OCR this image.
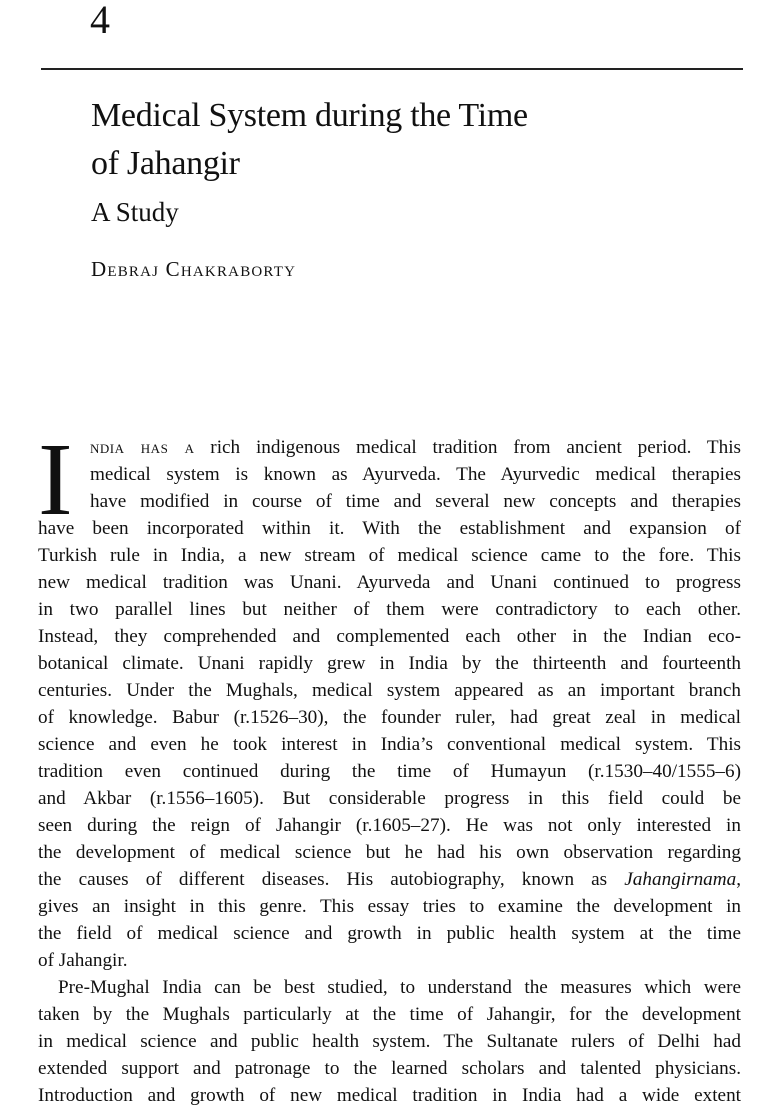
4
Medical System during the Time
of Jahangir
A Study
Debraj Chakraborty
I ndia has a rich indigenous medical tradition from ancient period. This
medical system is known as Ayurveda. The Ayurvedic medical therapies
have modified in course of time and several new concepts and therapies
have been incorporated within it. With the establishment and expansion of
Turkish rule in India, a new stream of medical science came to the fore. This
new medical tradition was Unani. Ayurveda and Unani continued to progress
in two parallel lines but neither of them were contradictory to each other.
Instead, they comprehended and complemented each other in the Indian eco-
botanical climate. Unani rapidly grew in India by the thirteenth and fourteenth
centuries. Under the Mughals, medical system appeared as an important branch
of knowledge. Babur (r.1526–30), the founder ruler, had great zeal in medical
science and even he took interest in India’s conventional medical system. This
tradition even continued during the time of Humayun (r.1530–40/1555–6)
and Akbar (r.1556–1605). But considerable progress in this field could be
seen during the reign of Jahangir (r.1605–27). He was not only interested in
the development of medical science but he had his own observation regarding
the causes of different diseases. His autobiography, known as Jahangirnama,
gives an insight in this genre. This essay tries to examine the development in
the field of medical science and growth in public health system at the time
of Jahangir.
Pre-Mughal India can be best studied, to understand the measures which were
taken by the Mughals particularly at the time of Jahangir, for the development
in medical science and public health system. The Sultanate rulers of Delhi had
extended support and patronage to the learned scholars and talented physicians.
Introduction and growth of new medical tradition in India had a wide extent
